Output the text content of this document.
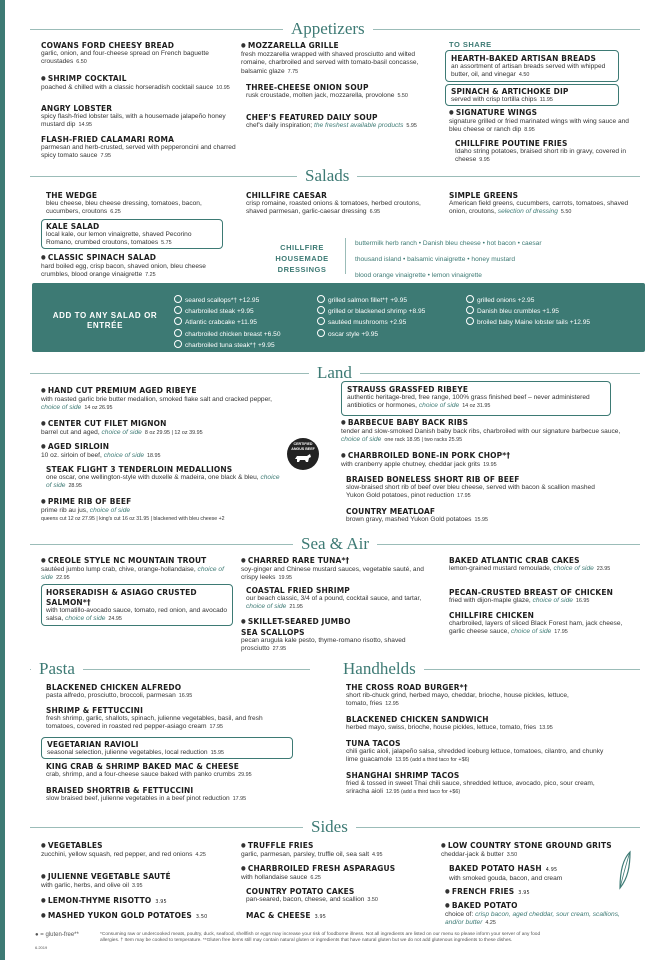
Appetizers
COWANS FORD CHEESY BREAD
garlic, onion, and four-cheese spread on French baguette croustades 6.50
● SHRIMP COCKTAIL
poached & chilled with a classic horseradish cocktail sauce 10.95
ANGRY LOBSTER
spicy flash-fried lobster tails, with a housemade jalapeño honey mustard dip 14.95
FLASH-FRIED CALAMARI ROMA
parmesan and herb-crusted, served with pepperoncini and charred spicy tomato sauce 7.95
● MOZZARELLA GRILLE
fresh mozzarella wrapped with shaved prosciutto and wilted romaine, charbroiled and served with tomato-basil concasse, balsamic glaze 7.75
THREE-CHEESE ONION SOUP
rusk croustade, molten jack, mozzarella, provolone 5.50
CHEF'S FEATURED DAILY SOUP
chef's daily inspiration; the freshest available products 5.95
TO SHARE
HEARTH-BAKED ARTISAN BREADS
an assortment of artisan breads served with whipped butter, oil, and vinegar 4.50
SPINACH & ARTICHOKE DIP
served with crisp tortilla chips 11.95
● SIGNATURE WINGS
signature grilled or fried marinated wings with wing sauce and bleu cheese or ranch dip 8.95
CHILLFIRE POUTINE FRIES
Idaho string potatoes, braised short rib in gravy, covered in cheese 9.95
Salads
THE WEDGE
bleu cheese, bleu cheese dressing, tomatoes, bacon, cucumbers, croutons 6.25
CHILLFIRE CAESAR
crisp romaine, roasted onions & tomatoes, herbed croutons, shaved parmesan, garlic-caesar dressing 6.95
SIMPLE GREENS
American field greens, cucumbers, carrots, tomatoes, shaved onion, croutons, selection of dressing 5.50
KALE SALAD
local kale, our lemon vinaigrette, shaved Pecorino Romano, crumbed croutons, tomatoes 5.75
● CLASSIC SPINACH SALAD
hard boiled egg, crisp bacon, shaved onion, bleu cheese crumbles, blood orange vinaigrette 7.25
CHILLFIRE HOUSEMADE DRESSINGS
buttermilk herb ranch • Danish bleu cheese • hot bacon • caesar
thousand island • balsamic vinaigrette • honey mustard
blood orange vinaigrette • lemon vinaigrette
ADD TO ANY SALAD OR ENTRÉE
seared scallops*† +12.95
charbroiled steak +9.95
Atlantic crabcake +11.95
charbroiled chicken breast +6.50
charbroiled tuna steak*† +9.95
grilled salmon fillet*† +9.95
grilled or blackened shrimp +8.95
sautéed mushrooms +2.95
oscar style +9.95
grilled onions +2.95
Danish bleu crumbles +1.95
broiled baby Maine lobster tails +12.95
Land
● HAND CUT PREMIUM AGED RIBEYE
with roasted garlic brie butter medallion, smoked flake salt and cracked pepper, choice of side 14 oz 26.95
● CENTER CUT FILET MIGNON
barrel cut and aged, choice of side 8 oz 29.95 | 12 oz 39.95
● AGED SIRLOIN
10 oz. sirloin of beef, choice of side 18.95
STEAK FLIGHT 3 TENDERLOIN MEDALLIONS
one oscar, one wellington-style with duxelle & madeira, one black & bleu, choice of side 28.95
● PRIME RIB OF BEEF
prime rib au jus, choice of side
queens cut 12 oz 27.95 | king's cut 16 oz 31.95 | blackened with bleu cheese +2
CERTIFIED ANGUS BEEF
STRAUSS GRASSFED RIBEYE
authentic heritage-bred, free range, 100% grass finished beef – never administered antibiotics or hormones, choice of side 14 oz 31.95
● BARBECUE BABY BACK RIBS
tender and slow-smoked Danish baby back ribs, charbroiled with our signature barbecue sauce, choice of side one rack 18.95 | two racks 25.95
● CHARBROILED BONE-IN PORK CHOP*†
with cranberry apple chutney, cheddar jack grits 19.95
BRAISED BONELESS SHORT RIB OF BEEF
slow-braised short rib of beef over bleu cheese, served with bacon & scallion mashed Yukon Gold potatoes, pinot reduction 17.95
COUNTRY MEATLOAF
brown gravy, mashed Yukon Gold potatoes 15.95
Sea & Air
● CREOLE STYLE NC MOUNTAIN TROUT
sautéed jumbo lump crab, chive, orange-hollandaise, choice of side 22.95
HORSERADISH & ASIAGO CRUSTED SALMON*†
with tomatillo-avocado sauce, tomato, red onion, and avocado salsa, choice of side 24.95
● CHARRED RARE TUNA*†
soy-ginger and Chinese mustard sauces, vegetable sauté, and crispy leeks 19.95
COASTAL FRIED SHRIMP
our beach classic, 3/4 of a pound, cocktail sauce, and tartar, choice of side 21.95
● SKILLET-SEARED JUMBO SEA SCALLOPS
pecan arugula kale pesto, thyme-romano risotto, shaved prosciutto 27.95
BAKED ATLANTIC CRAB CAKES
lemon-grained mustard remoulade, choice of side 23.95
PECAN-CRUSTED BREAST OF CHICKEN
fried with dijon-maple glaze, choice of side 16.95
CHILLFIRE CHICKEN
charbroiled, layers of sliced Black Forest ham, jack cheese, garlic cheese sauce, choice of side 17.95
Pasta
BLACKENED CHICKEN ALFREDO
pasta alfredo, prosciutto, broccoli, parmesan 16.95
SHRIMP & FETTUCCINI
fresh shrimp, garlic, shallots, spinach, julienne vegetables, basil, and fresh tomatoes, covered in roasted red pepper-asiago cream 17.95
VEGETARIAN RAVIOLI
seasonal selection, julienne vegetables, local reduction 15.95
KING CRAB & SHRIMP BAKED MAC & CHEESE
crab, shrimp, and a four-cheese sauce baked with panko crumbs 29.95
BRAISED SHORTRIB & FETTUCCINI
slow braised beef, julienne vegetables in a beef pinot reduction 17.95
Handhelds
THE CROSS ROAD BURGER*†
short rib-chuck grind, herbed mayo, cheddar, brioche, house pickles, lettuce, tomato, fries 12.95
BLACKENED CHICKEN SANDWICH
herbed mayo, swiss, brioche, house pickles, lettuce, tomato, fries 13.95
TUNA TACOS
chili garlic aioli, jalapeño salsa, shredded iceburg lettuce, tomatoes, cilantro, and chunky lime guacamole 13.95 (add a third taco for +$6)
SHANGHAI SHRIMP TACOS
fried & tossed in sweet Thai chili sauce, shredded lettuce, avocado, pico, sour cream, sriracha aioli 12.95 (add a third taco for +$6)
Sides
● VEGETABLES
zucchini, yellow squash, red pepper, and red onions 4.25
● JULIENNE VEGETABLE SAUTÉ
with garlic, herbs, and olive oil 3.95
● LEMON-THYME RISOTTO 3.95
● MASHED YUKON GOLD POTATOES 3.50
● TRUFFLE FRIES
garlic, parmesan, parsley, truffle oil, sea salt 4.95
● CHARBROILED FRESH ASPARAGUS
with hollandaise sauce 6.25
COUNTRY POTATO CAKES
pan-seared, bacon, cheese, and scallion 3.50
MAC & CHEESE 3.95
● LOW COUNTRY STONE GROUND GRITS
cheddar-jack & butter 3.50
BAKED POTATO HASH 4.95
with smoked gouda, bacon, and cream
● FRENCH FRIES 3.95
● BAKED POTATO
choice of: crisp bacon, aged cheddar, sour cream, scallions, and/or butter 4.25
● = gluten-free**
6.2019
*Consuming raw or undercooked meats, poultry, duck, seafood, shellfish or eggs may increase your risk of foodborne illness. Not all ingredients are listed on our menu so please inform your server of any food
allergies. † Item may be cooked to temperature. **Gluten free items still may contain natural gluten or ingredients that have natural gluten but we do not add glutenous ingredients to these dishes.
